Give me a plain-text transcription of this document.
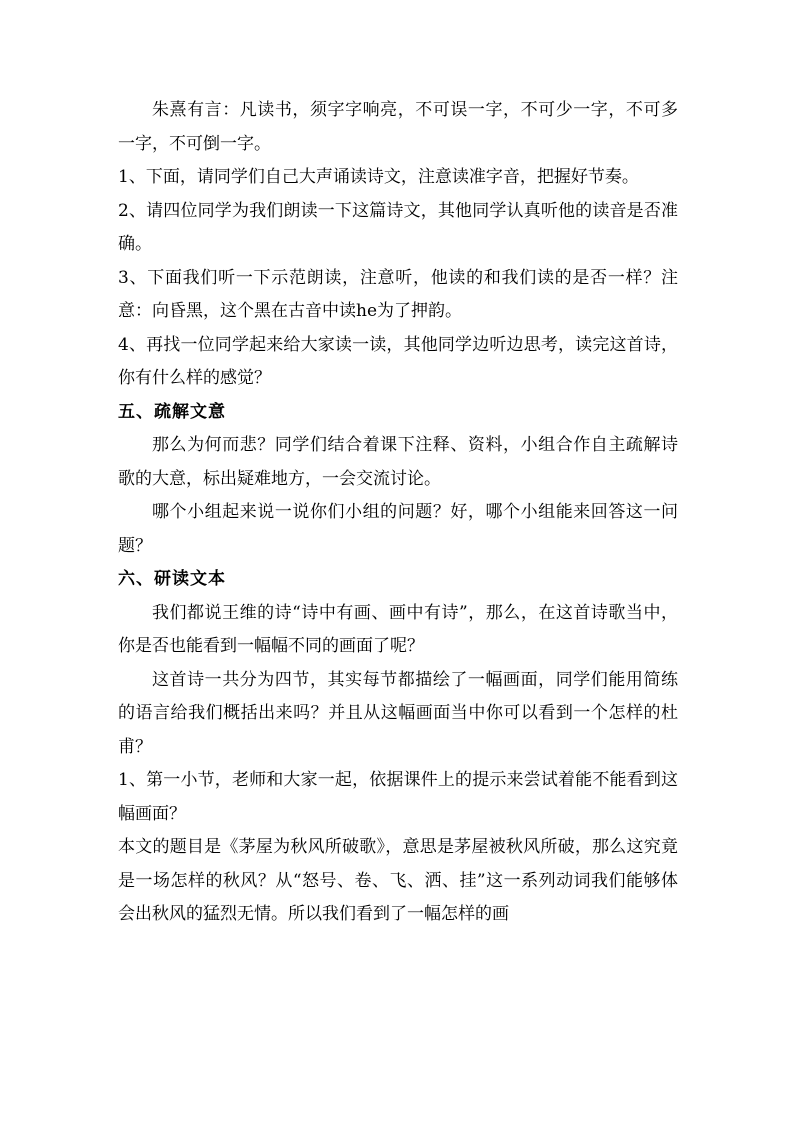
朱熹有言：凡读书，须字字响亮，不可误一字，不可少一字，不可多一字，不可倒一字。

1、下面，请同学们自己大声诵读诗文，注意读准字音，把握好节奏。

2、请四位同学为我们朗读一下这篇诗文，其他同学认真听他的读音是否准确。

3、下面我们听一下示范朗读，注意听，他读的和我们读的是否一样？注意：向昏黑，这个黑在古音中读he为了押韵。

4、再找一位同学起来给大家读一读，其他同学边听边思考，读完这首诗，你有什么样的感觉？

五、疏解文意

那么为何而悲？同学们结合着课下注释、资料，小组合作自主疏解诗歌的大意，标出疑难地方，一会交流讨论。

哪个小组起来说一说你们小组的问题？好，哪个小组能来回答这一问题？

六、研读文本

我们都说王维的诗“诗中有画、画中有诗”，那么，在这首诗歌当中，你是否也能看到一幅幅不同的画面了呢？

这首诗一共分为四节，其实每节都描绘了一幅画面，同学们能用简练的语言给我们概括出来吗？并且从这幅画面当中你可以看到一个怎样的杜甫？

1、第一小节，老师和大家一起，依据课件上的提示来尝试着能不能看到这幅画面？

本文的题目是《茅屋为秋风所破歌》，意思是茅屋被秋风所破，那么这究竟是一场怎样的秋风？从“怒号、卷、飞、洒、挂”这一系列动词我们能够体会出秋风的猛烈无情。所以我们看到了一幅怎样的画
